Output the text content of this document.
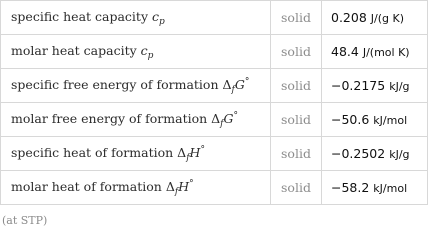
specific heat capacity $c_p$	solid	0.208 J/(g K)
molar heat capacity $c_p$	solid	48.4 J/(mol K)
specific free energy of formation $\Delta_fG^\circ$	solid	−0.2175 kJ/g
molar free energy of formation $\Delta_fG^\circ$	solid	−50.6 kJ/mol
specific heat of formation $\Delta_fH^\circ$	solid	−0.2502 kJ/g
molar heat of formation $\Delta_fH^\circ$	solid	−58.2 kJ/mol
(at STP)
